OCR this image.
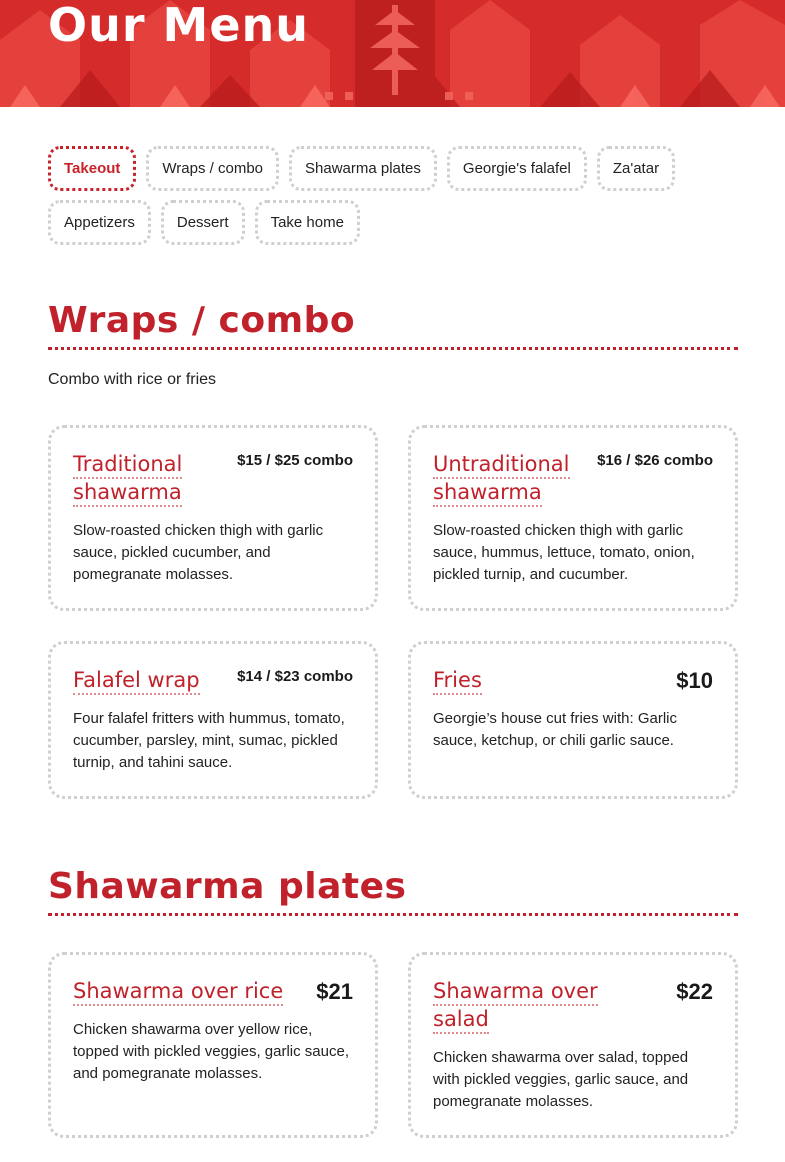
Our Menu
Takeout	Wraps / combo	Shawarma plates	Georgie's falafel	Za'atar
Appetizers	Dessert	Take home
Wraps / combo
Combo with rice or fries
Traditional
shawarma
$15 / $25 combo
Slow-roasted chicken thigh with garlic sauce, pickled cucumber, and pomegranate molasses.
Untraditional
shawarma
$16 / $26 combo
Slow-roasted chicken thigh with garlic sauce, hummus, lettuce, tomato, onion, pickled turnip, and cucumber.
Falafel wrap	$14 / $23 combo
Four falafel fritters with hummus, tomato, cucumber, parsley, mint, sumac, pickled turnip, and tahini sauce.
Fries	$10
Georgie’s house cut fries with: Garlic sauce, ketchup, or chili garlic sauce.
Shawarma plates
Shawarma over rice $21
Chicken shawarma over yellow rice, topped with pickled veggies, garlic sauce, and pomegranate molasses.
Shawarma over
salad
$22
Chicken shawarma over salad, topped with pickled veggies, garlic sauce, and pomegranate molasses.
